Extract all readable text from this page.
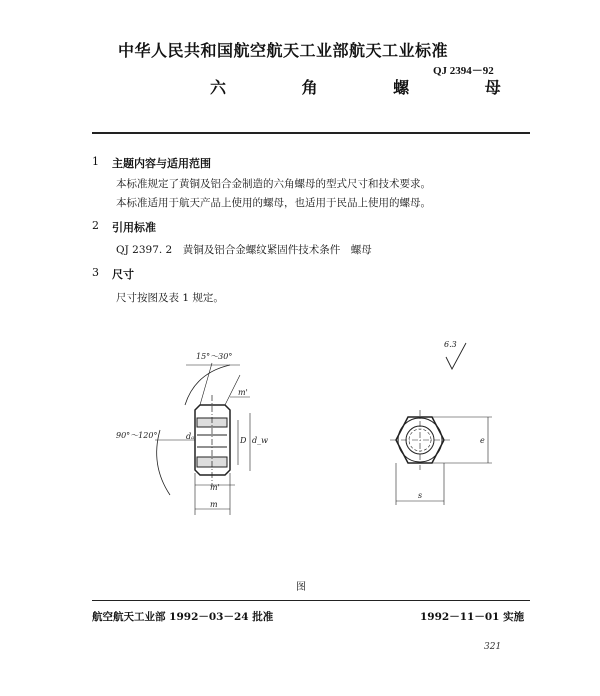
中华人民共和国航空航天工业部航天工业标准
QJ 2394－92
六 角 螺 母
1 主题内容与适用范围
本标准规定了黄铜及铝合金制造的六角螺母的型式尺寸和技术要求。
本标准适用于航天产品上使用的螺母，也适用于民品上使用的螺母。
2 引用标准
QJ 2397. 2　黄铜及铝合金螺纹紧固件技术条件　螺母
3 尺寸
尺寸按图及表 1 规定。
15°～30°
90°～120°
m'
m'
dₐ	D d_w
m
s
e
6.3
图
航空航天工业部 1992－03－24 批准	1992－11－01 实施
321
